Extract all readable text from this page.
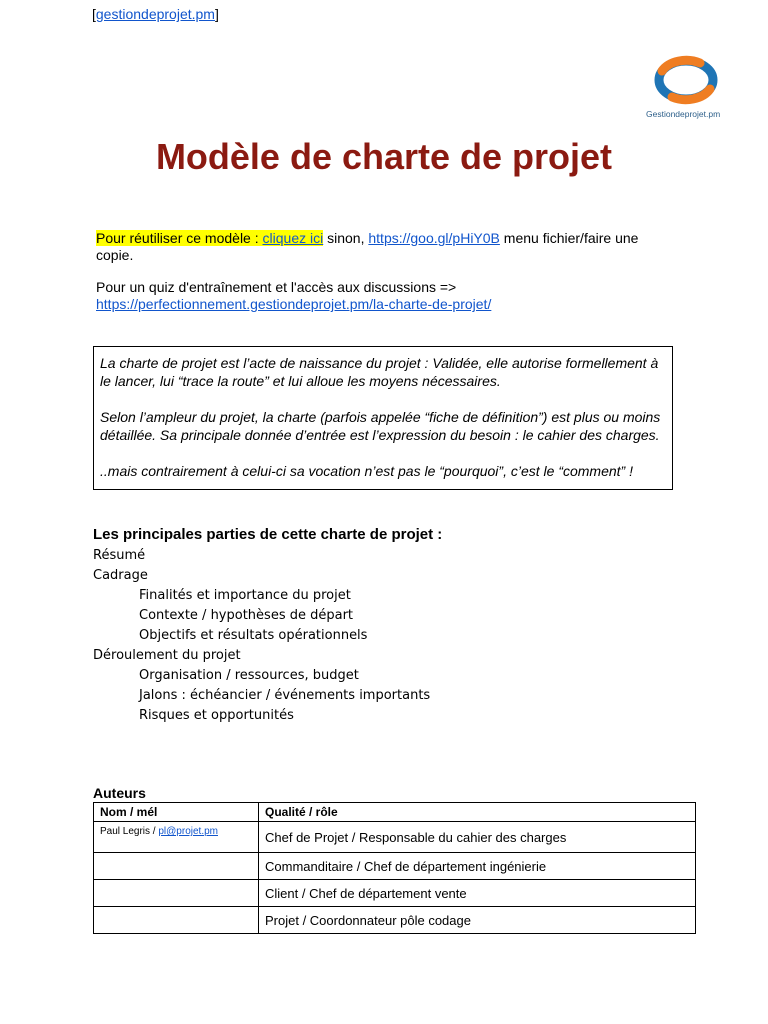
[gestiondeprojet.pm]
Gestiondeprojet.pm
Modèle de charte de projet
Pour réutiliser ce modèle : cliquez ici sinon, https://goo.gl/pHiY0B menu fichier/faire une copie.
Pour un quiz d'entraînement et l'accès aux discussions =>
https://perfectionnement.gestiondeprojet.pm/la-charte-de-projet/

La charte de projet est l’acte de naissance du projet : Validée, elle autorise formellement à le lancer, lui “trace la route” et lui alloue les moyens nécessaires.

Selon l’ampleur du projet, la charte (parfois appelée “fiche de définition”) est plus ou moins détaillée. Sa principale donnée d’entrée est l’expression du besoin : le cahier des charges.

..mais contrairement à celui-ci sa vocation n’est pas le “pourquoi”, c’est le “comment” !

Les principales parties de cette charte de projet :
Résumé
Cadrage
Finalités et importance du projet
Contexte / hypothèses de départ
Objectifs et résultats opérationnels
Déroulement du projet
Organisation / ressources, budget
Jalons : échéancier / événements importants
Risques et opportunités
Auteurs
Nom / mél	Qualité / rôle
Paul Legris / pl@projet.pm	Chef de Projet / Responsable du cahier des charges
	Commanditaire / Chef de département ingénierie
	Client / Chef de département vente
	Projet / Coordonnateur pôle codage
